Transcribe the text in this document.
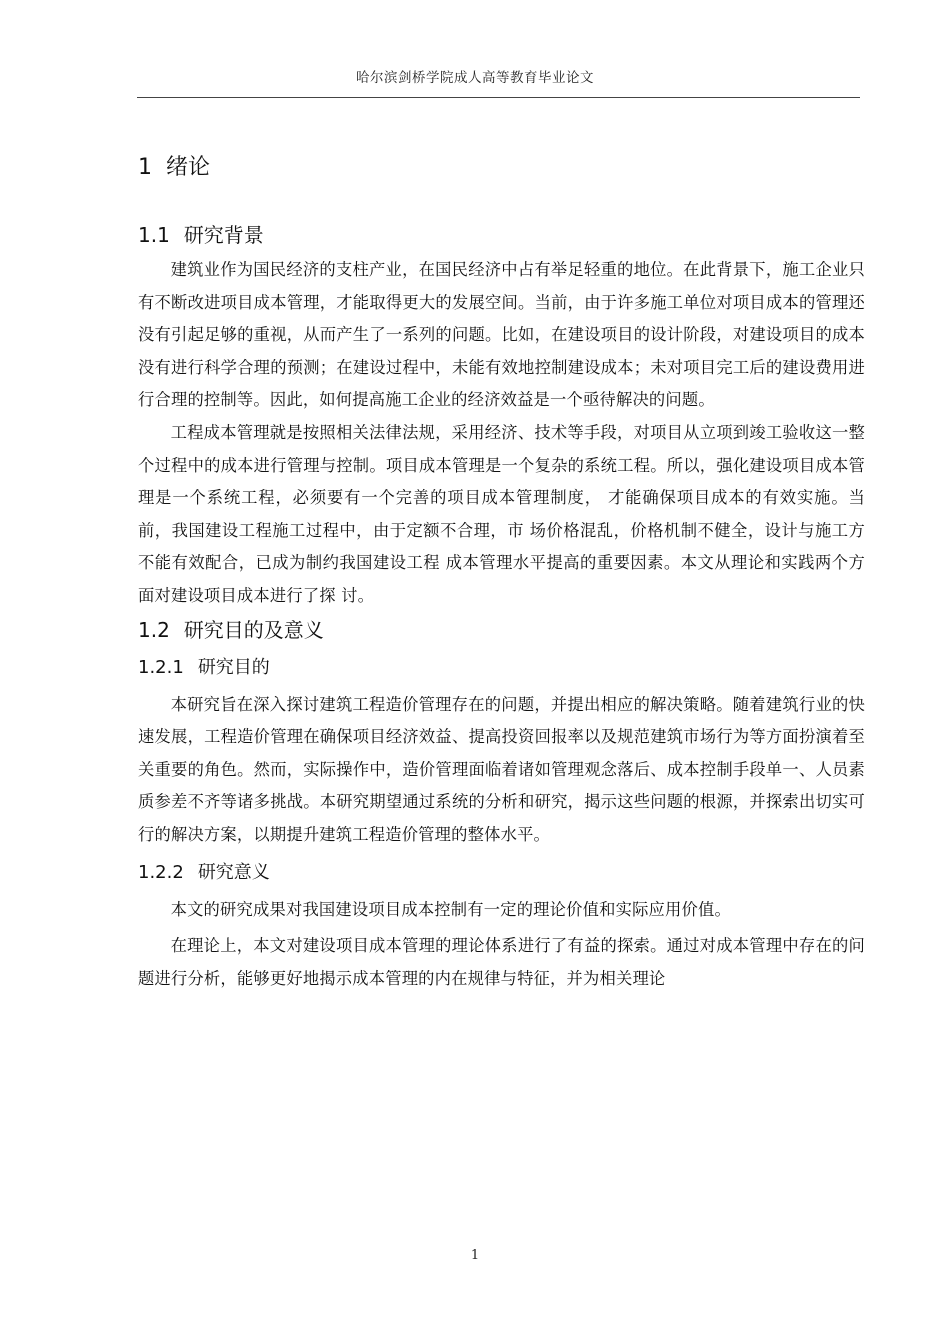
哈尔滨剑桥学院成人高等教育毕业论文
1 绪论
1.1 研究背景

建筑业作为国民经济的支柱产业，在国民经济中占有举足轻重的地位。在此背景下，施工企业只有不断改进项目成本管理，才能取得更大的发展空间。当前，由于许多施工单位对项目成本的管理还没有引起足够的重视，从而产生了一系列的问题。比如，在建设项目的设计阶段，对建设项目的成本没有进行科学合理的预测；在建设过程中，未能有效地控制建设成本；未对项目完工后的建设费用进行合理的控制等。因此，如何提高施工企业的经济效益是一个亟待解决的问题。

工程成本管理就是按照相关法律法规，采用经济、技术等手段，对项目从立项到竣工验收这一整个过程中的成本进行管理与控制。项目成本管理是一个复杂的系统工程。所以，强化建设项目成本管理是一个系统工程，必须要有一个完善的项目成本管理制度， 才能确保项目成本的有效实施。当前，我国建设工程施工过程中，由于定额不合理，市 场价格混乱，价格机制不健全，设计与施工方不能有效配合，已成为制约我国建设工程 成本管理水平提高的重要因素。本文从理论和实践两个方面对建设项目成本进行了探 讨。

1.2 研究目的及意义
1.2.1 研究目的

本研究旨在深入探讨建筑工程造价管理存在的问题，并提出相应的解决策略。随着建筑行业的快速发展，工程造价管理在确保项目经济效益、提高投资回报率以及规范建筑市场行为等方面扮演着至关重要的角色。然而，实际操作中，造价管理面临着诸如管理观念落后、成本控制手段单一、人员素质参差不齐等诸多挑战。本研究期望通过系统的分析和研究，揭示这些问题的根源，并探索出切实可行的解决方案，以期提升建筑工程造价管理的整体水平。

1.2.2 研究意义

本文的研究成果对我国建设项目成本控制有一定的理论价值和实际应用价值。

在理论上，本文对建设项目成本管理的理论体系进行了有益的探索。通过对成本管理中存在的问题进行分析，能够更好地揭示成本管理的内在规律与特征，并为相关理论

1
